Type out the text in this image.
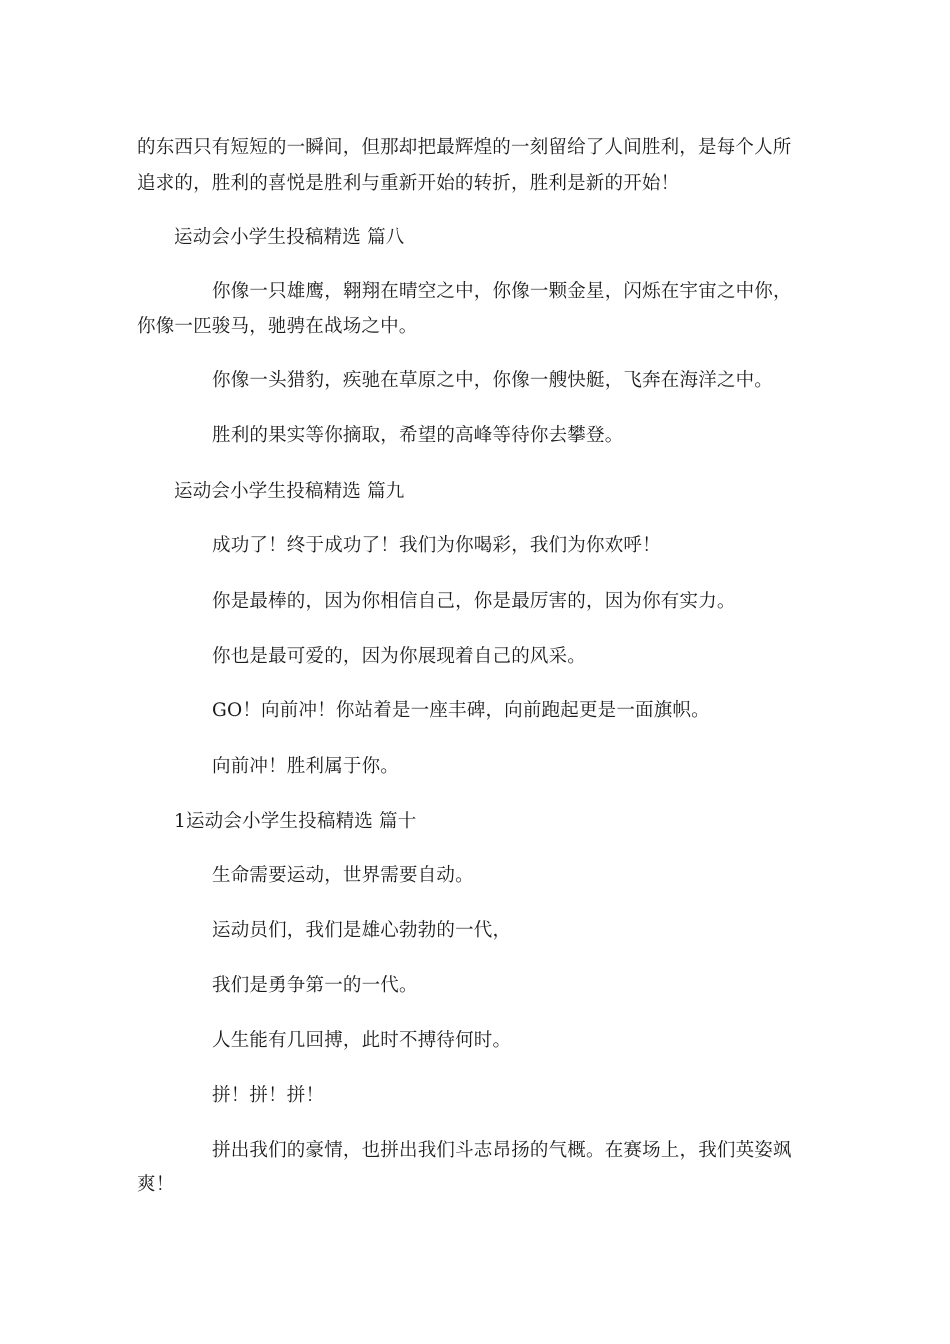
的东西只有短短的一瞬间，但那却把最辉煌的一刻留给了人间胜利，是每个人所
追求的，胜利的喜悦是胜利与重新开始的转折，胜利是新的开始！
运动会小学生投稿精选 篇八
你像一只雄鹰，翱翔在晴空之中，你像一颗金星，闪烁在宇宙之中你，
你像一匹骏马，驰骋在战场之中。
你像一头猎豹，疾驰在草原之中，你像一艘快艇，飞奔在海洋之中。
胜利的果实等你摘取，希望的高峰等待你去攀登。
运动会小学生投稿精选 篇九
成功了！终于成功了！我们为你喝彩，我们为你欢呼！
你是最棒的，因为你相信自己，你是最厉害的，因为你有实力。
你也是最可爱的，因为你展现着自己的风采。
GO！向前冲！你站着是一座丰碑，向前跑起更是一面旗帜。
向前冲！胜利属于你。
1运动会小学生投稿精选 篇十
生命需要运动，世界需要自动。
运动员们，我们是雄心勃勃的一代，
我们是勇争第一的一代。
人生能有几回搏，此时不搏待何时。
拼！拼！拼！
拼出我们的豪情，也拼出我们斗志昂扬的气概。在赛场上，我们英姿飒
爽！
